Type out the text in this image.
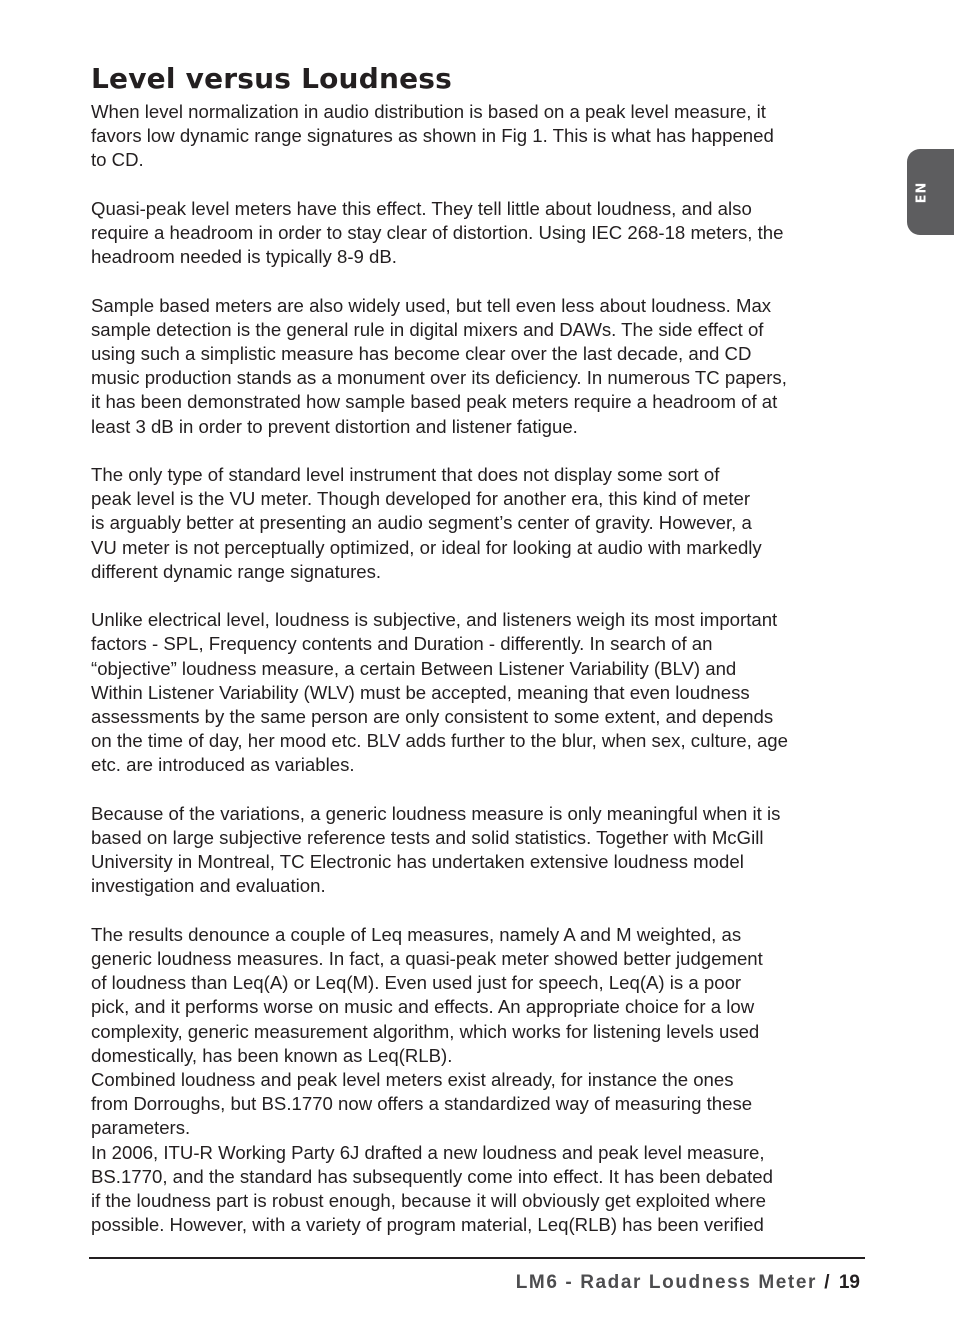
Level versus Loudness

When level normalization in audio distribution is based on a peak level measure, it
favors low dynamic range signatures as shown in Fig 1. This is what has happened
to CD.

Quasi-peak level meters have this effect. They tell little about loudness, and also
require a headroom in order to stay clear of distortion. Using IEC 268-18 meters, the
headroom needed is typically 8-9 dB.

Sample based meters are also widely used, but tell even less about loudness. Max
sample detection is the general rule in digital mixers and DAWs. The side effect of
using such a simplistic measure has become clear over the last decade, and CD
music production stands as a monument over its deficiency. In numerous TC papers,
it has been demonstrated how sample based peak meters require a headroom of at
least 3 dB in order to prevent distortion and listener fatigue.

The only type of standard level instrument that does not display some sort of
peak level is the VU meter. Though developed for another era, this kind of meter
is arguably better at presenting an audio segment’s center of gravity. However, a
VU meter is not perceptually optimized, or ideal for looking at audio with markedly
different dynamic range signatures.

Unlike electrical level, loudness is subjective, and listeners weigh its most important
factors - SPL, Frequency contents and Duration - differently. In search of an
“objective” loudness measure, a certain Between Listener Variability (BLV) and
Within Listener Variability (WLV) must be accepted, meaning that even loudness
assessments by the same person are only consistent to some extent, and depends
on the time of day, her mood etc. BLV adds further to the blur, when sex, culture, age
etc. are introduced as variables.

Because of the variations, a generic loudness measure is only meaningful when it is
based on large subjective reference tests and solid statistics. Together with McGill
University in Montreal, TC Electronic has undertaken extensive loudness model
investigation and evaluation.

The results denounce a couple of Leq measures, namely A and M weighted, as
generic loudness measures. In fact, a quasi-peak meter showed better judgement
of loudness than Leq(A) or Leq(M). Even used just for speech, Leq(A) is a poor
pick, and it performs worse on music and effects. An appropriate choice for a low
complexity, generic measurement algorithm, which works for listening levels used
domestically, has been known as Leq(RLB).

Combined loudness and peak level meters exist already, for instance the ones
from Dorroughs, but BS.1770 now offers a standardized way of measuring these
parameters.

In 2006, ITU-R Working Party 6J drafted a new loudness and peak level measure,
BS.1770, and the standard has subsequently come into effect. It has been debated
if the loudness part is robust enough, because it will obviously get exploited where
possible. However, with a variety of program material, Leq(RLB) has been verified

EN
LM6 - Radar Loudness Meter / 19
